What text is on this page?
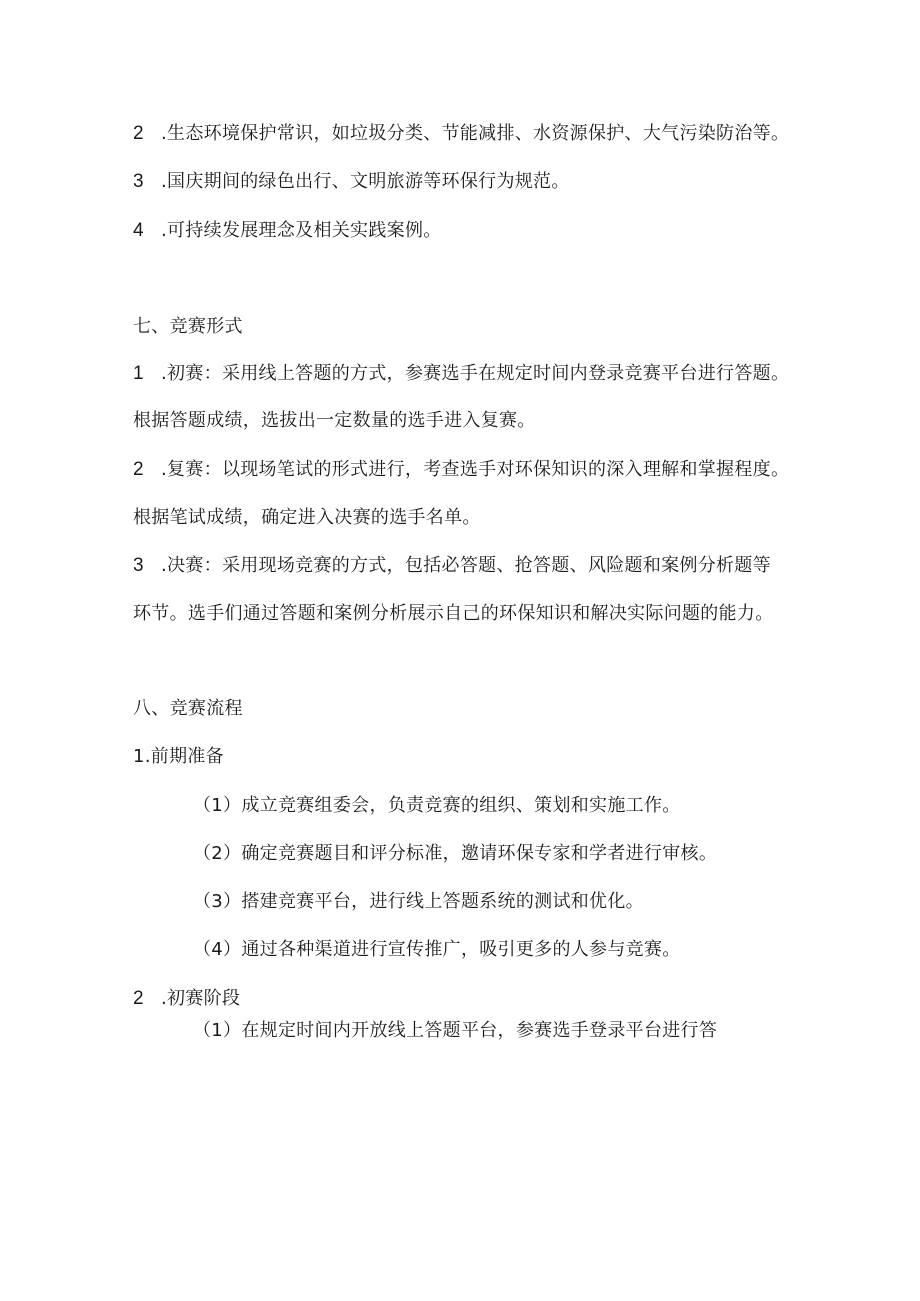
2 .生态环境保护常识，如垃圾分类、节能减排、水资源保护、大气污染防治等。
3 .国庆期间的绿色出行、文明旅游等环保行为规范。
4 .可持续发展理念及相关实践案例。
七、竞赛形式
1 .初赛：采用线上答题的方式，参赛选手在规定时间内登录竞赛平台进行答题。
根据答题成绩，选拔出一定数量的选手进入复赛。
2 .复赛：以现场笔试的形式进行，考查选手对环保知识的深入理解和掌握程度。
根据笔试成绩，确定进入决赛的选手名单。
3 .决赛：采用现场竞赛的方式，包括必答题、抢答题、风险题和案例分析题等
环节。选手们通过答题和案例分析展示自己的环保知识和解决实际问题的能力。
八、竞赛流程
1.前期准备
（1）成立竞赛组委会，负责竞赛的组织、策划和实施工作。
（2）确定竞赛题目和评分标准，邀请环保专家和学者进行审核。
（3）搭建竞赛平台，进行线上答题系统的测试和优化。
（4）通过各种渠道进行宣传推广，吸引更多的人参与竞赛。
2 .初赛阶段
（1）在规定时间内开放线上答题平台，参赛选手登录平台进行答
